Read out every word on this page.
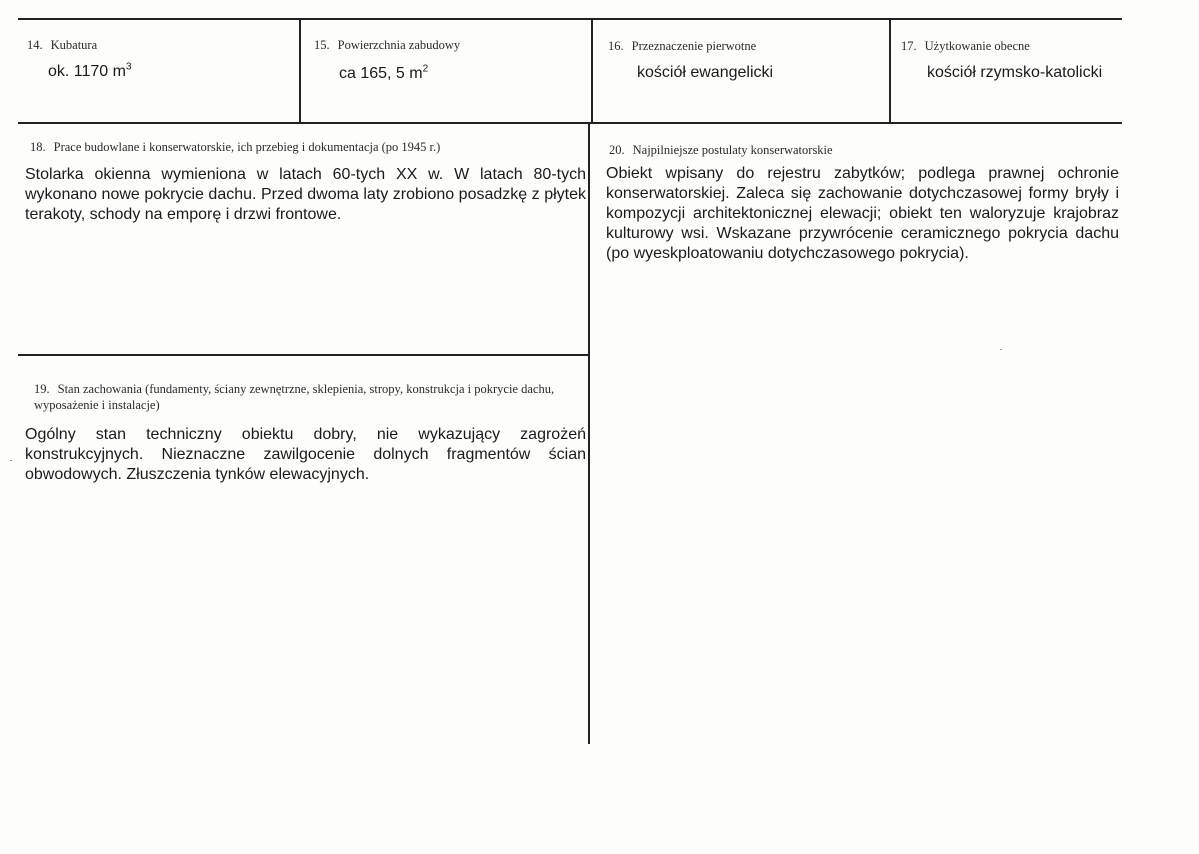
14. Kubatura
ok. 1170 $m^3$
15. Powierzchnia zabudowy
ca 165, 5 $m^2$
16. Przeznaczenie pierwotne
kościół ewangelicki
17. Użytkowanie obecne
kościół rzymsko-katolicki
18. Prace budowlane i konserwatorskie, ich przebieg i dokumentacja (po 1945 r.)
Stolarka okienna wymieniona w latach 60-tych XX w. W latach 80-tych wykonano nowe pokrycie dachu. Przed dwoma laty zrobiono posadzkę z płytek terakoty, schody na emporę i drzwi frontowe.
19. Stan zachowania (fundamenty, ściany zewnętrzne, sklepienia, stropy, konstrukcja i pokrycie dachu, wyposażenie i instalacje)
Ogólny stan techniczny obiektu dobry, nie wykazujący zagrożeń konstrukcyjnych. Nieznaczne zawilgocenie dolnych fragmentów ścian obwodowych. Złuszczenia tynków elewacyjnych.
20. Najpilniejsze postulaty konserwatorskie
Obiekt wpisany do rejestru zabytków; podlega prawnej ochronie konserwatorskiej. Zaleca się zachowanie dotychczasowej formy bryły i kompozycji architektonicznej elewacji; obiekt ten waloryzuje krajobraz kulturowy wsi. Wskazane przywrócenie ceramicznego pokrycia dachu (po wyeskploatowaniu dotychczasowego pokrycia).
